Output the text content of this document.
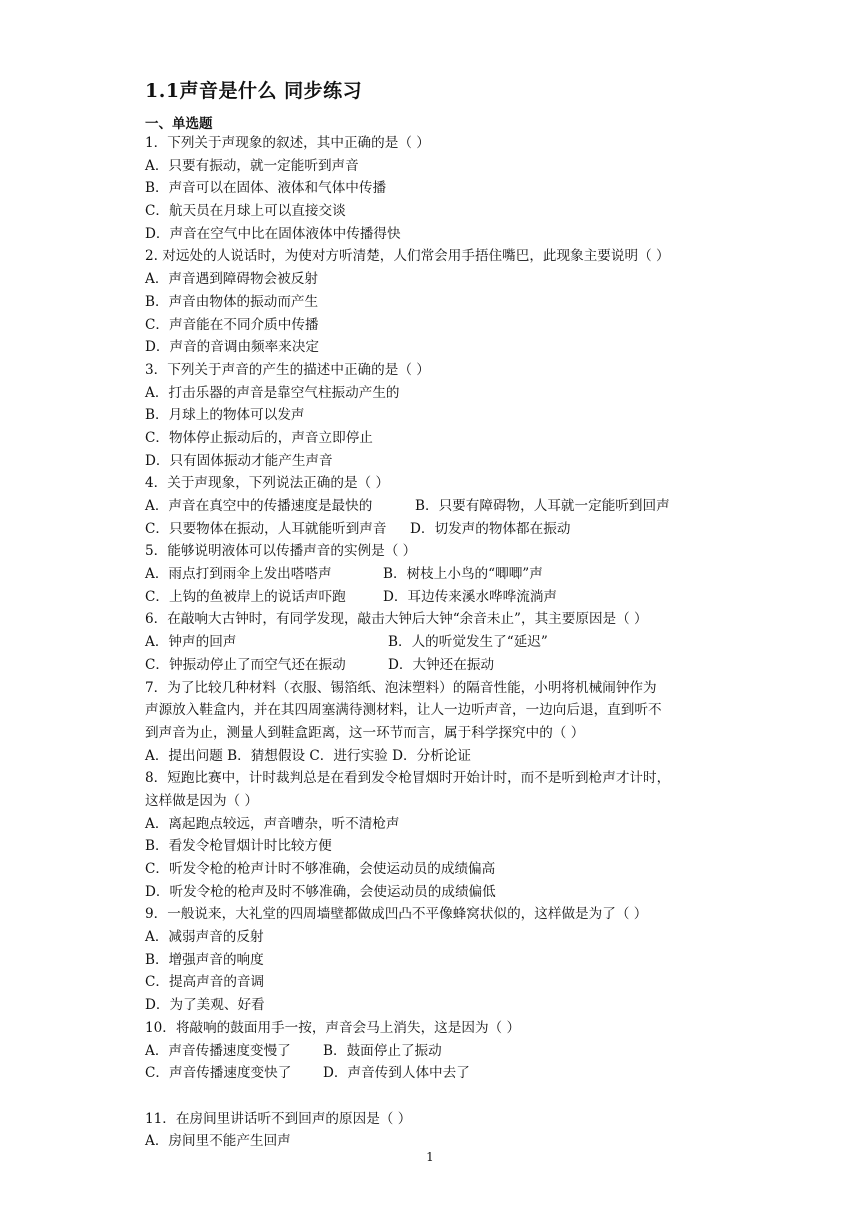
1.1声音是什么 同步练习
一、单选题
1．下列关于声现象的叙述，其中正确的是（ ）
A．只要有振动，就一定能听到声音
B．声音可以在固体、液体和气体中传播
C．航天员在月球上可以直接交谈
D．声音在空气中比在固体液体中传播得快
2. 对远处的人说话时，为使对方听清楚，人们常会用手捂住嘴巴，此现象主要说明（ ）
A．声音遇到障碍物会被反射
B．声音由物体的振动而产生
C．声音能在不同介质中传播
D．声音的音调由频率来决定
3．下列关于声音的产生的描述中正确的是（ ）
A．打击乐器的声音是靠空气柱振动产生的
B．月球上的物体可以发声
C．物体停止振动后的，声音立即停止
D．只有固体振动才能产生声音
4．关于声现象，下列说法正确的是（ ）
A．声音在真空中的传播速度是最快的	B．只要有障碍物，人耳就一定能听到回声
C．只要物体在振动，人耳就能听到声音 D．切发声的物体都在振动
5．能够说明液体可以传播声音的实例是（ ）
A．雨点打到雨伞上发出嗒嗒声	B．树枝上小鸟的“唧唧”声
C．上钩的鱼被岸上的说话声吓跑	D．耳边传来溪水哗哗流淌声
6．在敲响大古钟时，有同学发现，敲击大钟后大钟“余音未止”，其主要原因是（ ）
A．钟声的回声	B．人的听觉发生了“延迟”
C．钟振动停止了而空气还在振动	D．大钟还在振动
7．为了比较几种材料（衣服、锡箔纸、泡沫塑料）的隔音性能，小明将机械闹钟作为
声源放入鞋盒内，并在其四周塞满待测材料，让人一边听声音，一边向后退，直到听不
到声音为止，测量人到鞋盒距离，这一环节而言，属于科学探究中的（ ）
A．提出问题 B．猜想假设 C．进行实验 D．分析论证
8．短跑比赛中，计时裁判总是在看到发令枪冒烟时开始计时，而不是听到枪声才计时，
这样做是因为（ ）
A．离起跑点较远，声音嘈杂，听不清枪声
B．看发令枪冒烟计时比较方便
C．听发令枪的枪声计时不够准确，会使运动员的成绩偏高
D．听发令枪的枪声及时不够准确，会使运动员的成绩偏低
9．一般说来，大礼堂的四周墙壁都做成凹凸不平像蜂窝状似的，这样做是为了（ ）
A．减弱声音的反射
B．增强声音的响度
C．提高声音的音调
D．为了美观、好看
10．将敲响的鼓面用手一按，声音会马上消失，这是因为（ ）
A．声音传播速度变慢了 B．鼓面停止了振动
C．声音传播速度变快了 D．声音传到人体中去了
11．在房间里讲话听不到回声的原因是（ ）
A．房间里不能产生回声
1
